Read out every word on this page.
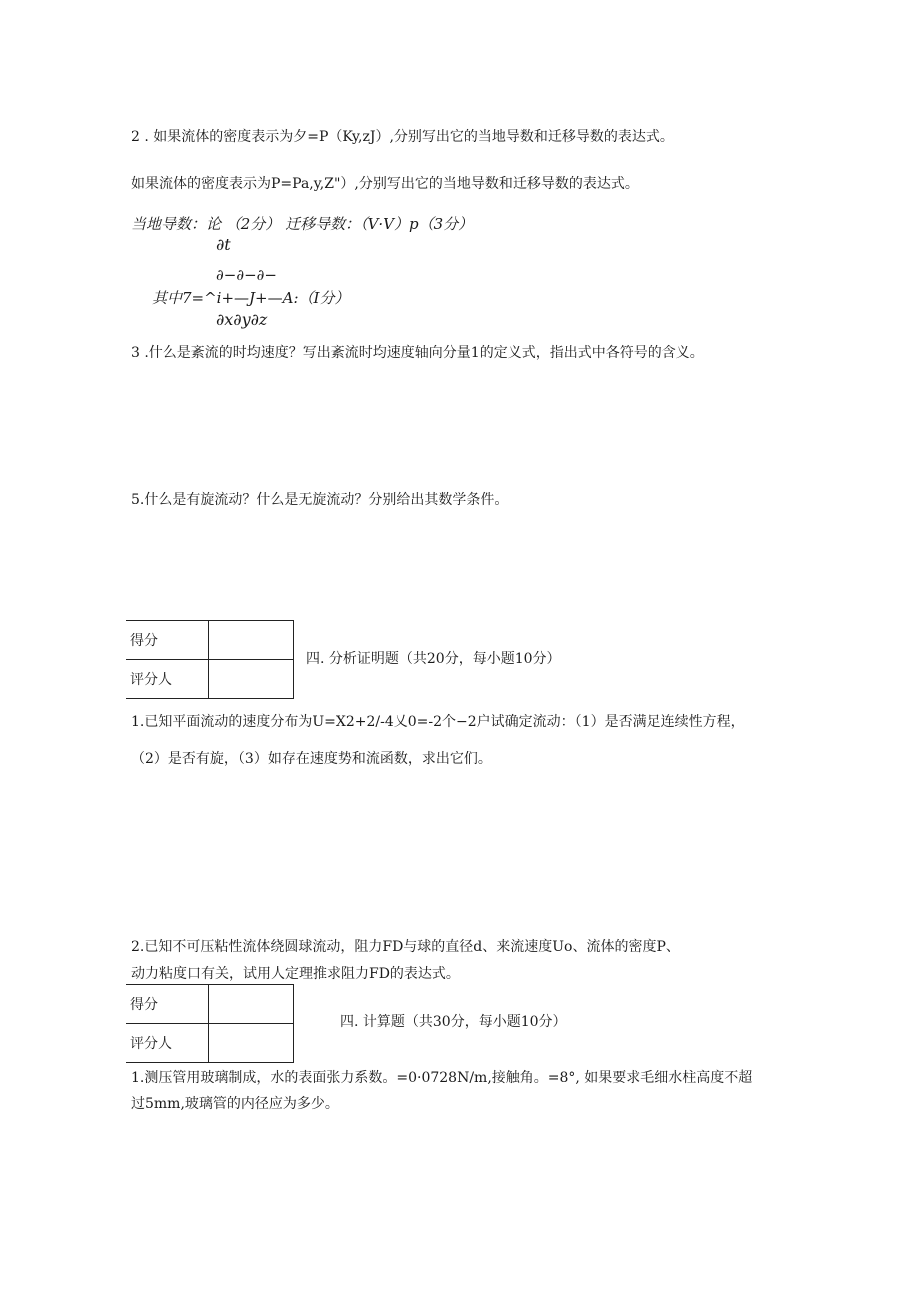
2 . 如果流体的密度表示为夕=P（Ky,zJ）,分别写出它的当地导数和迁移导数的表达式。
如果流体的密度表示为P=Pa,y,Z"）,分别写出它的当地导数和迁移导数的表达式。
当地导数：论 （2分） 迁移导数：（V·V）p（3分）
∂t
∂−∂−∂−
其中7=^i+—J+—A:（I分）
∂x∂y∂z
3 .什么是紊流的时均速度？写出紊流时均速度轴向分量1的定义式，指出式中各符号的含义。
5.什么是有旋流动？什么是无旋流动？分别给出其数学条件。
得分	
评分人	
四. 分析证明题（共20分，每小题10分）
1.已知平面流动的速度分布为U=X2+2/-4乂0=-2个−2户试确定流动：（1）是否满足连续性方程，
（2）是否有旋，（3）如存在速度势和流函数，求出它们。
2.已知不可压粘性流体绕圆球流动，阻力FD与球的直径d、来流速度Uo、流体的密度P、
动力粘度口有关，试用人定理推求阻力FD的表达式。
得分	
评分人	
四. 计算题（共30分，每小题10分）
1.测压管用玻璃制成，水的表面张力系数。=0·0728N/m,接触角。=8°, 如果要求毛细水柱高度不超
过5mm,玻璃管的内径应为多少。
